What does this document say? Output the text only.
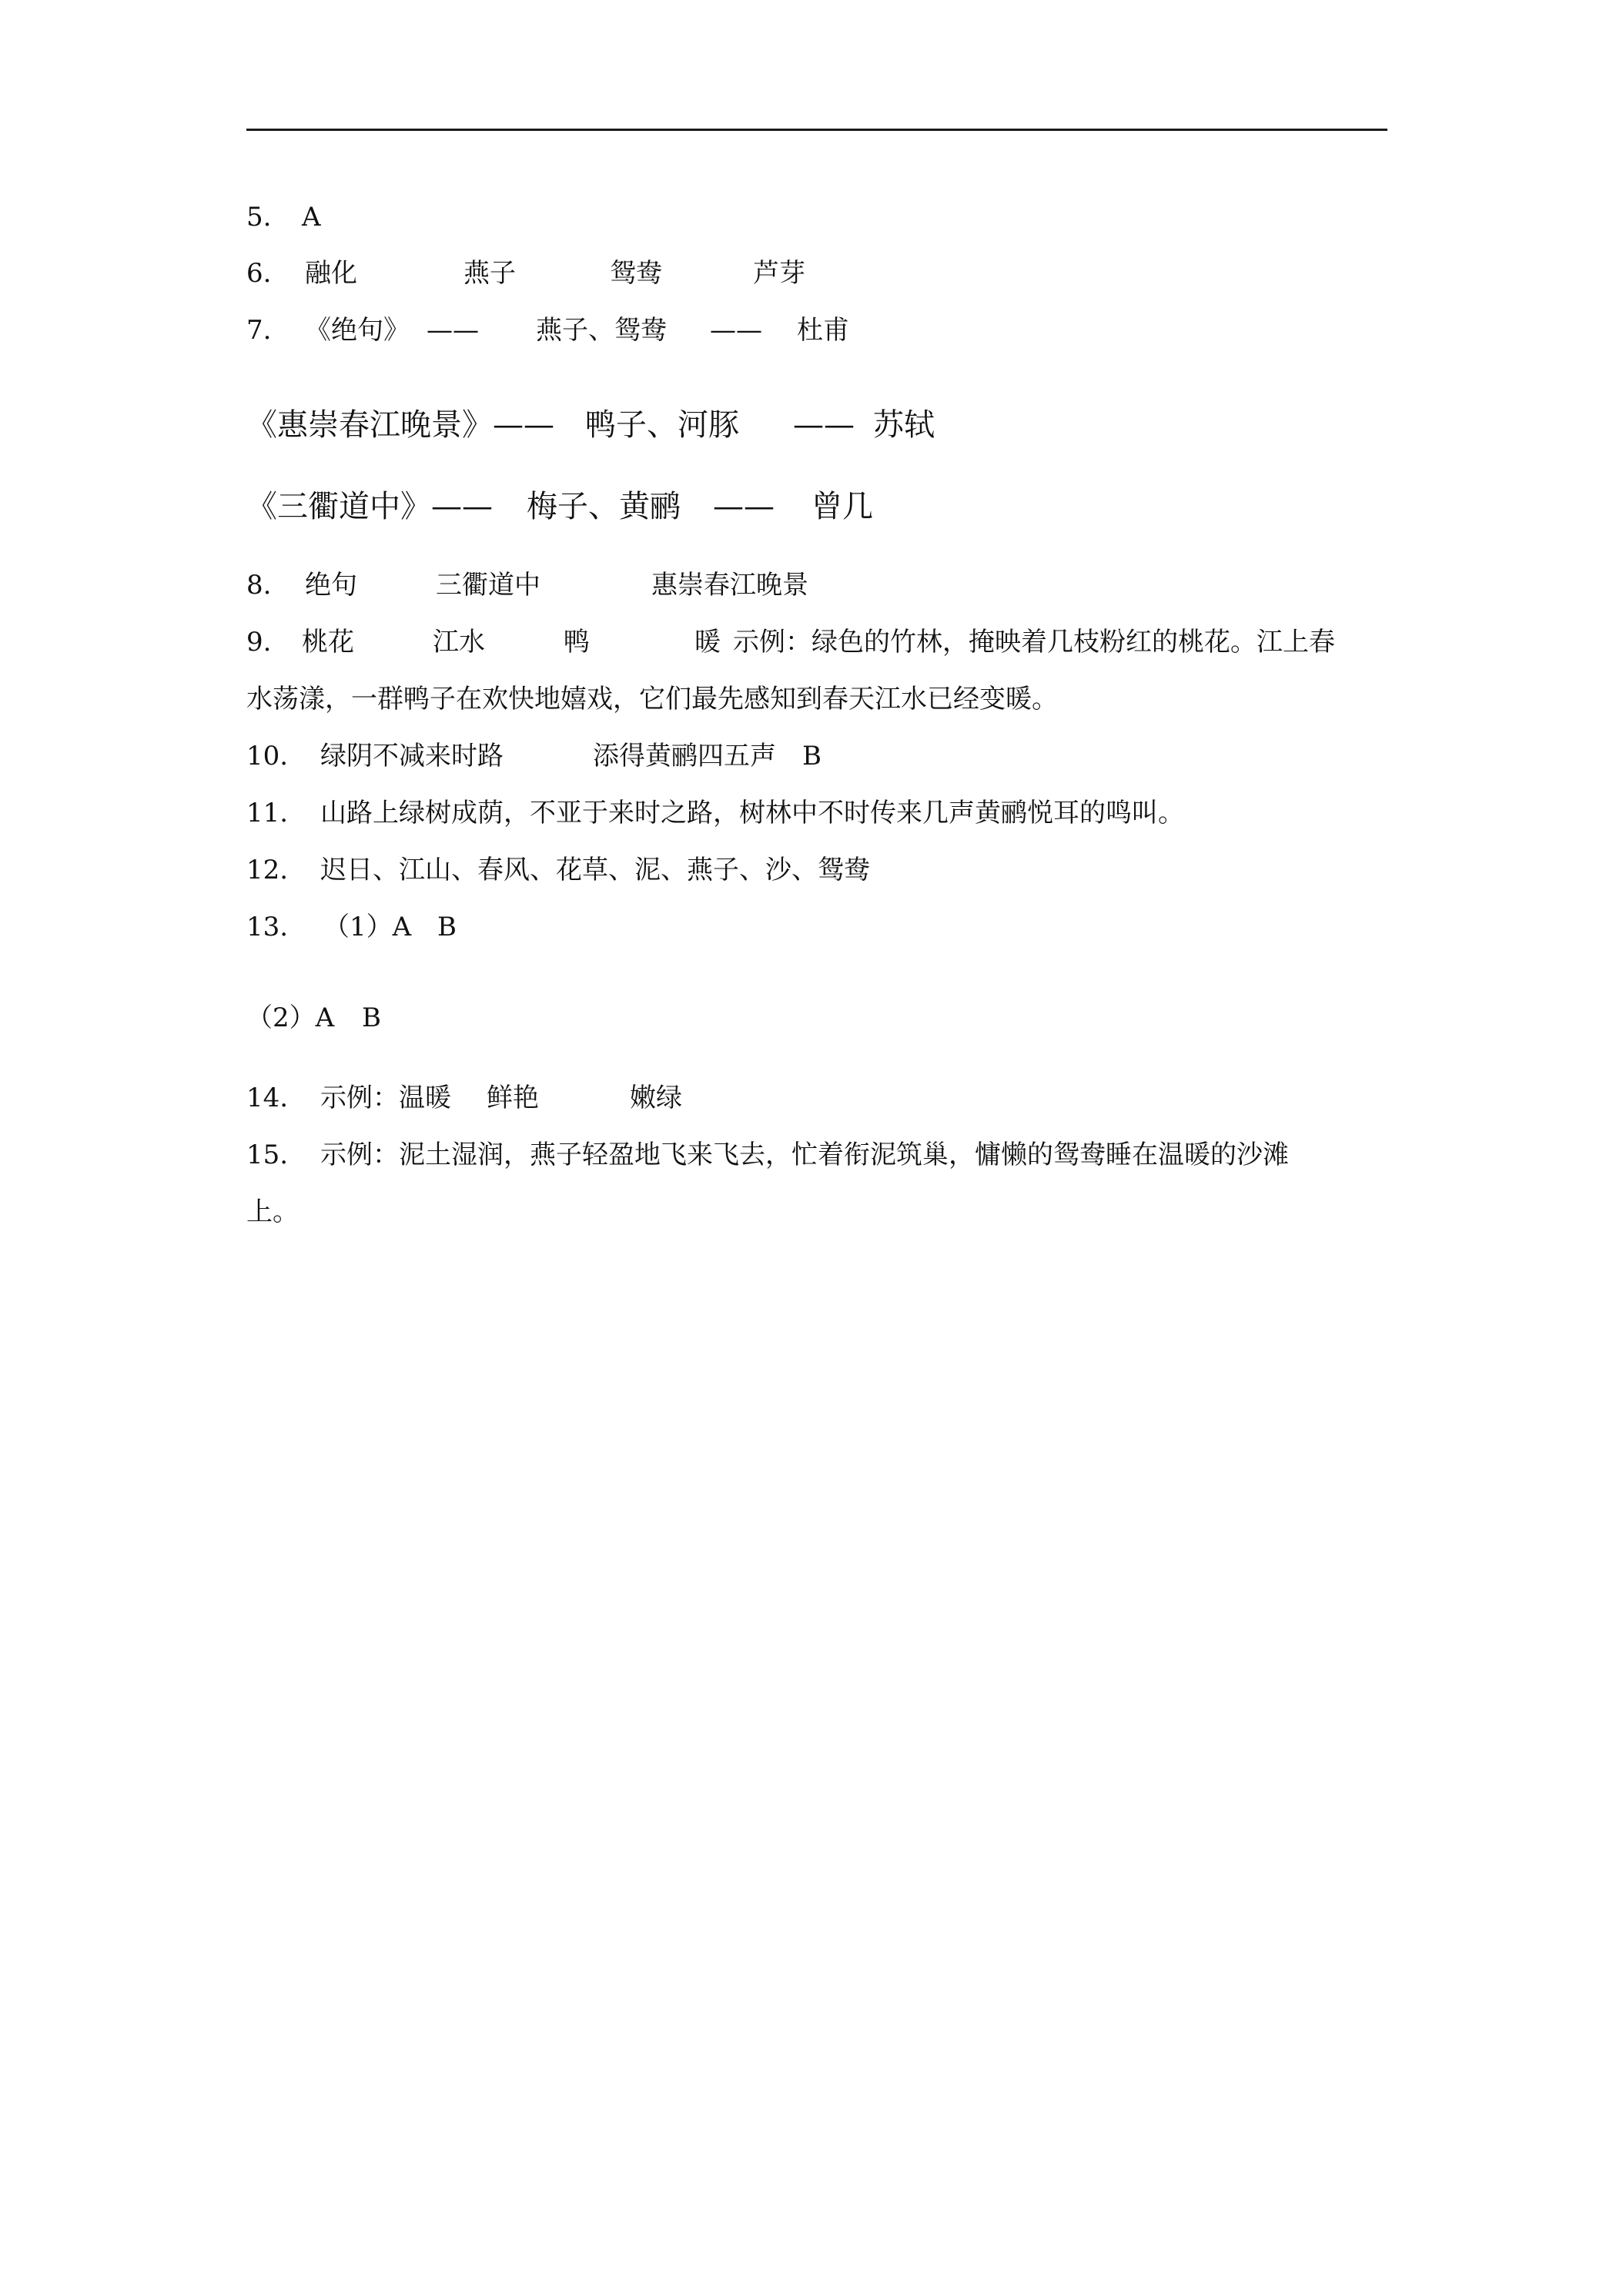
5. A
6. 融化	燕子	鸳鸯	芦芽
7. 《绝句》 —— 燕子、鸳鸯 —— 杜甫
《惠崇春江晚景》—— 鸭子、河豚 —— 苏轼
《三衢道中》—— 梅子、黄鹂 —— 曾几
8. 绝句	三衢道中	惠崇春江晚景
9. 桃花	江水	鸭	暖 示例：绿色的竹林，掩映着几枝粉红的桃花。江上春
水荡漾，一群鸭子在欢快地嬉戏，它们最先感知到春天江水已经变暖。
10. 绿阴不减来时路	添得黄鹂四五声 B
11. 山路上绿树成荫，不亚于来时之路，树林中不时传来几声黄鹂悦耳的鸣叫。
12. 迟日、江山、春风、花草、泥、燕子、沙、鸳鸯
13. （1）A B
（2）A B
14. 示例：温暖 鲜艳	嫩绿
15. 示例：泥土湿润，燕子轻盈地飞来飞去，忙着衔泥筑巢，慵懒的鸳鸯睡在温暖的沙滩
上。
